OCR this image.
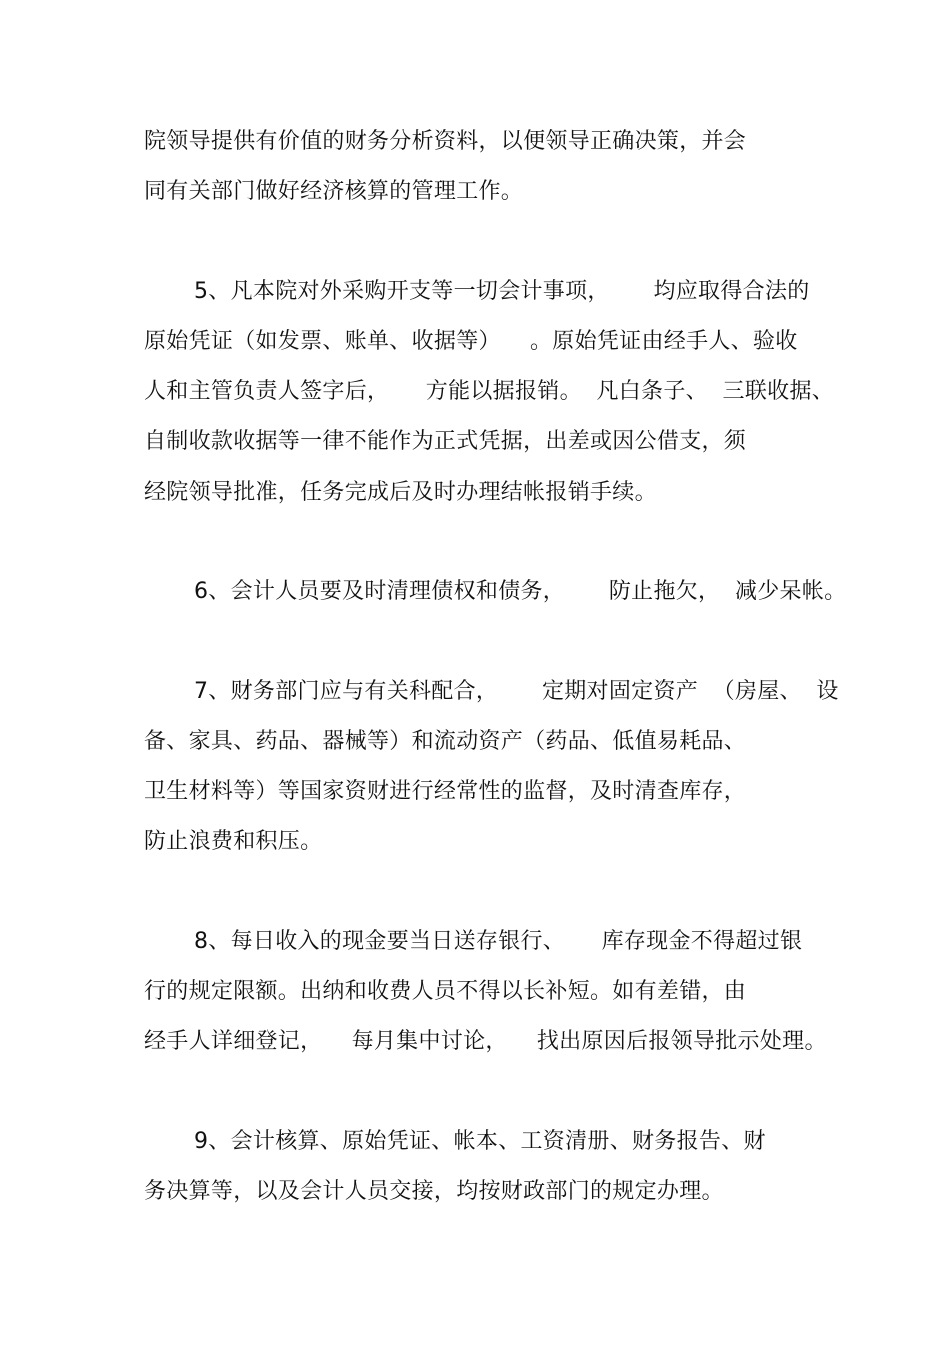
院领导提供有价值的财务分析资料，以便领导正确决策，并会
同有关部门做好经济核算的管理工作。
5、凡本院对外采购开支等一切会计事项，      均应取得合法的
原始凭证（如发票、账单、收据等）    。原始凭证由经手人、验收
人和主管负责人签字后，     方能以据报销。  凡白条子、  三联收据、
自制收款收据等一律不能作为正式凭据，出差或因公借支，须
经院领导批准，任务完成后及时办理结帐报销手续。
6、会计人员要及时清理债权和债务，      防止拖欠，  减少呆帐。
7、财务部门应与有关科配合，      定期对固定资产  （房屋、  设
备、家具、药品、器械等）和流动资产（药品、低值易耗品、
卫生材料等）等国家资财进行经常性的监督，及时清查库存，
防止浪费和积压。
8、每日收入的现金要当日送存银行、     库存现金不得超过银
行的规定限额。出纳和收费人员不得以长补短。如有差错，由
经手人详细登记，    每月集中讨论，    找出原因后报领导批示处理。
9、会计核算、原始凭证、帐本、工资清册、财务报告、财
务决算等，以及会计人员交接，均按财政部门的规定办理。
